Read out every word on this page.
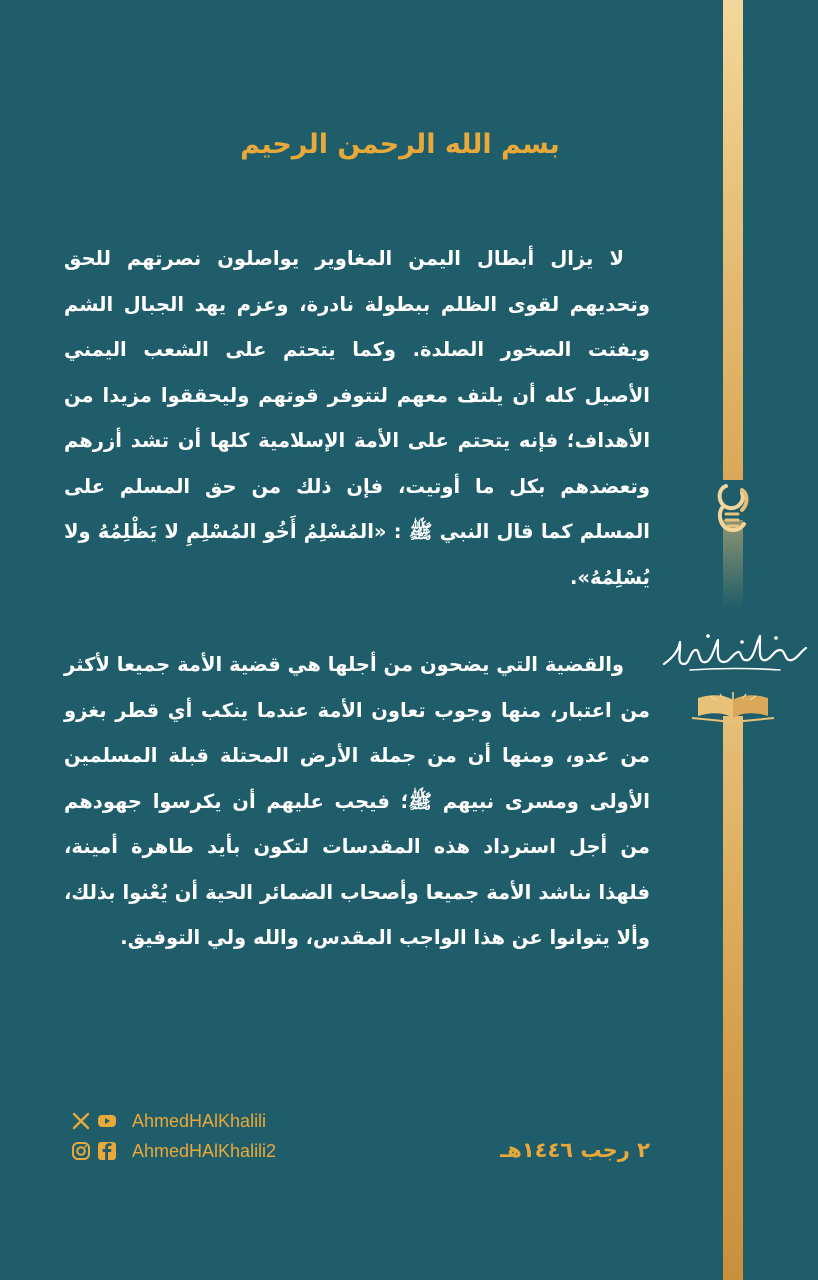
بسم الله الرحمن الرحيم
لا يزال أبطال اليمن المغاوير يواصلون نصرتهم للحق وتحديهم لقوى الظلم ببطولة نادرة، وعزم يهد الجبال الشم ويفتت الصخور الصلدة. وكما يتحتم على الشعب اليمني الأصيل كله أن يلتف معهم لتتوفر قوتهم وليحققوا مزيدا من الأهداف؛ فإنه يتحتم على الأمة الإسلامية كلها أن تشد أزرهم وتعضدهم بكل ما أوتيت، فإن ذلك من حق المسلم على المسلم كما قال النبي ﷺ : «المُسْلِمُ أَخُو المُسْلِمِ لا يَظْلِمُهُ ولا يُسْلِمُهُ».
والقضية التي يضحون من أجلها هي قضية الأمة جميعا لأكثر من اعتبار، منها وجوب تعاون الأمة عندما ينكب أي قطر بغزو من عدو، ومنها أن من جملة الأرض المحتلة قبلة المسلمين الأولى ومسرى نبيهم ﷺ؛ فيجب عليهم أن يكرسوا جهودهم من أجل استرداد هذه المقدسات لتكون بأيد طاهرة أمينة، فلهذا نناشد الأمة جميعا وأصحاب الضمائر الحية أن يُعْنوا بذلك، وألا يتوانوا عن هذا الواجب المقدس، والله ولي التوفيق.
AhmedHAlKhalili
AhmedHAlKhalili2	٢ رجب ١٤٤٦هـ
